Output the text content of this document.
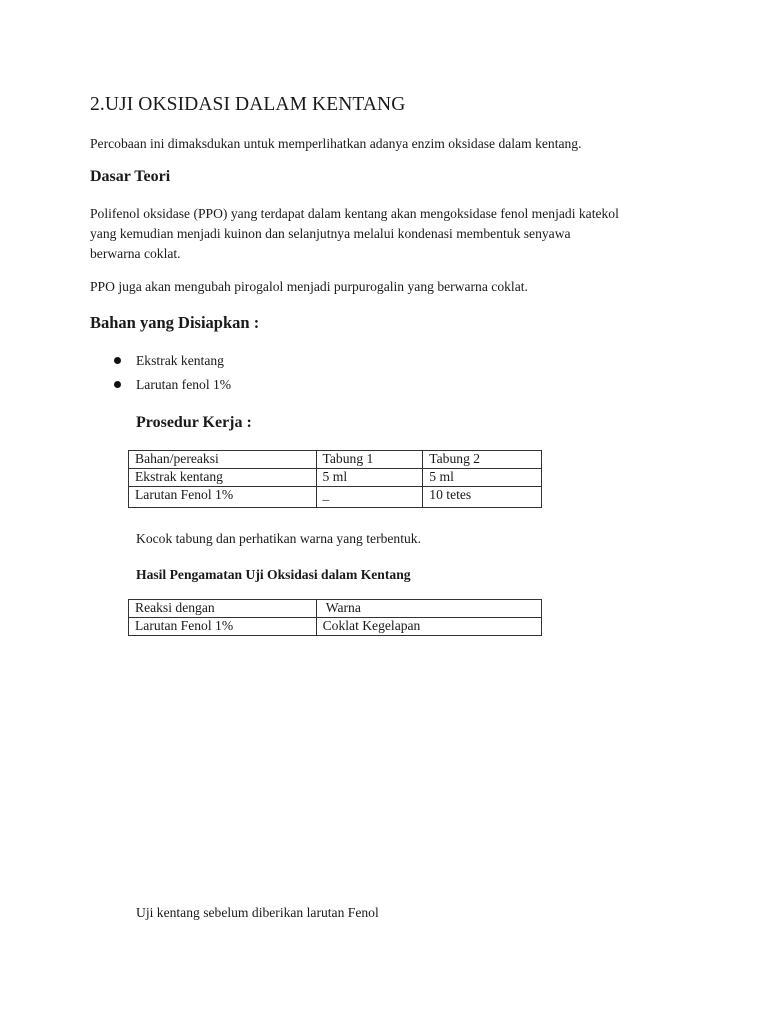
2.UJI OKSIDASI DALAM KENTANG
Percobaan ini dimaksdukan untuk memperlihatkan adanya enzim oksidase dalam kentang.
Dasar Teori
Polifenol oksidase (PPO) yang terdapat dalam kentang akan mengoksidase fenol menjadi katekol
yang kemudian menjadi kuinon dan selanjutnya melalui kondenasi membentuk senyawa
berwarna coklat.
PPO juga akan mengubah pirogalol menjadi purpurogalin yang berwarna coklat.
Bahan yang Disiapkan :
Ekstrak kentang
Larutan fenol 1%
Prosedur Kerja :
Bahan/pereaksi	Tabung 1	Tabung 2
Ekstrak kentang	5 ml	5 ml
Larutan Fenol 1%	_	10 tetes
Kocok tabung dan perhatikan warna yang terbentuk.
Hasil Pengamatan Uji Oksidasi dalam Kentang
Reaksi dengan	Warna
Larutan Fenol 1%	Coklat Kegelapan
Uji kentang sebelum diberikan larutan Fenol
